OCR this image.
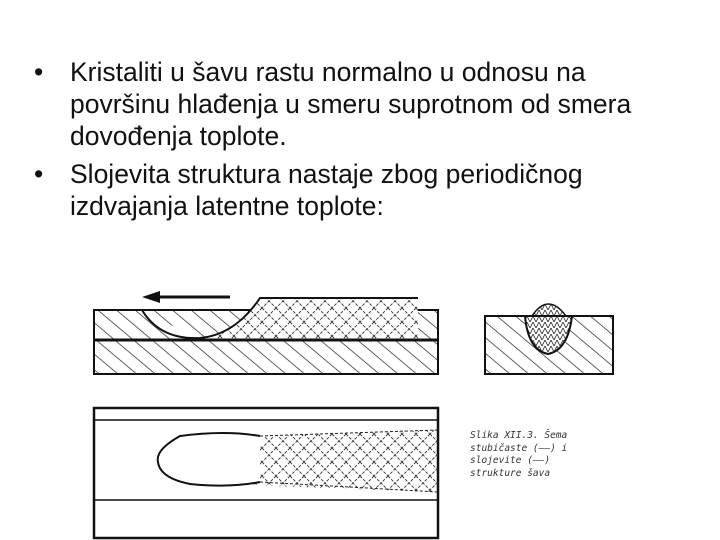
•	Kristaliti u šavu rastu normalno u odnosu na površinu hlađenja u smeru suprotnom od smera dovođenja toplote.
•	Slojevita struktura nastaje zbog periodičnog izdvajanja latentne toplote:
Slika XII.3. Šema
stubičaste (——) i
slojevite (——)
strukture šava
